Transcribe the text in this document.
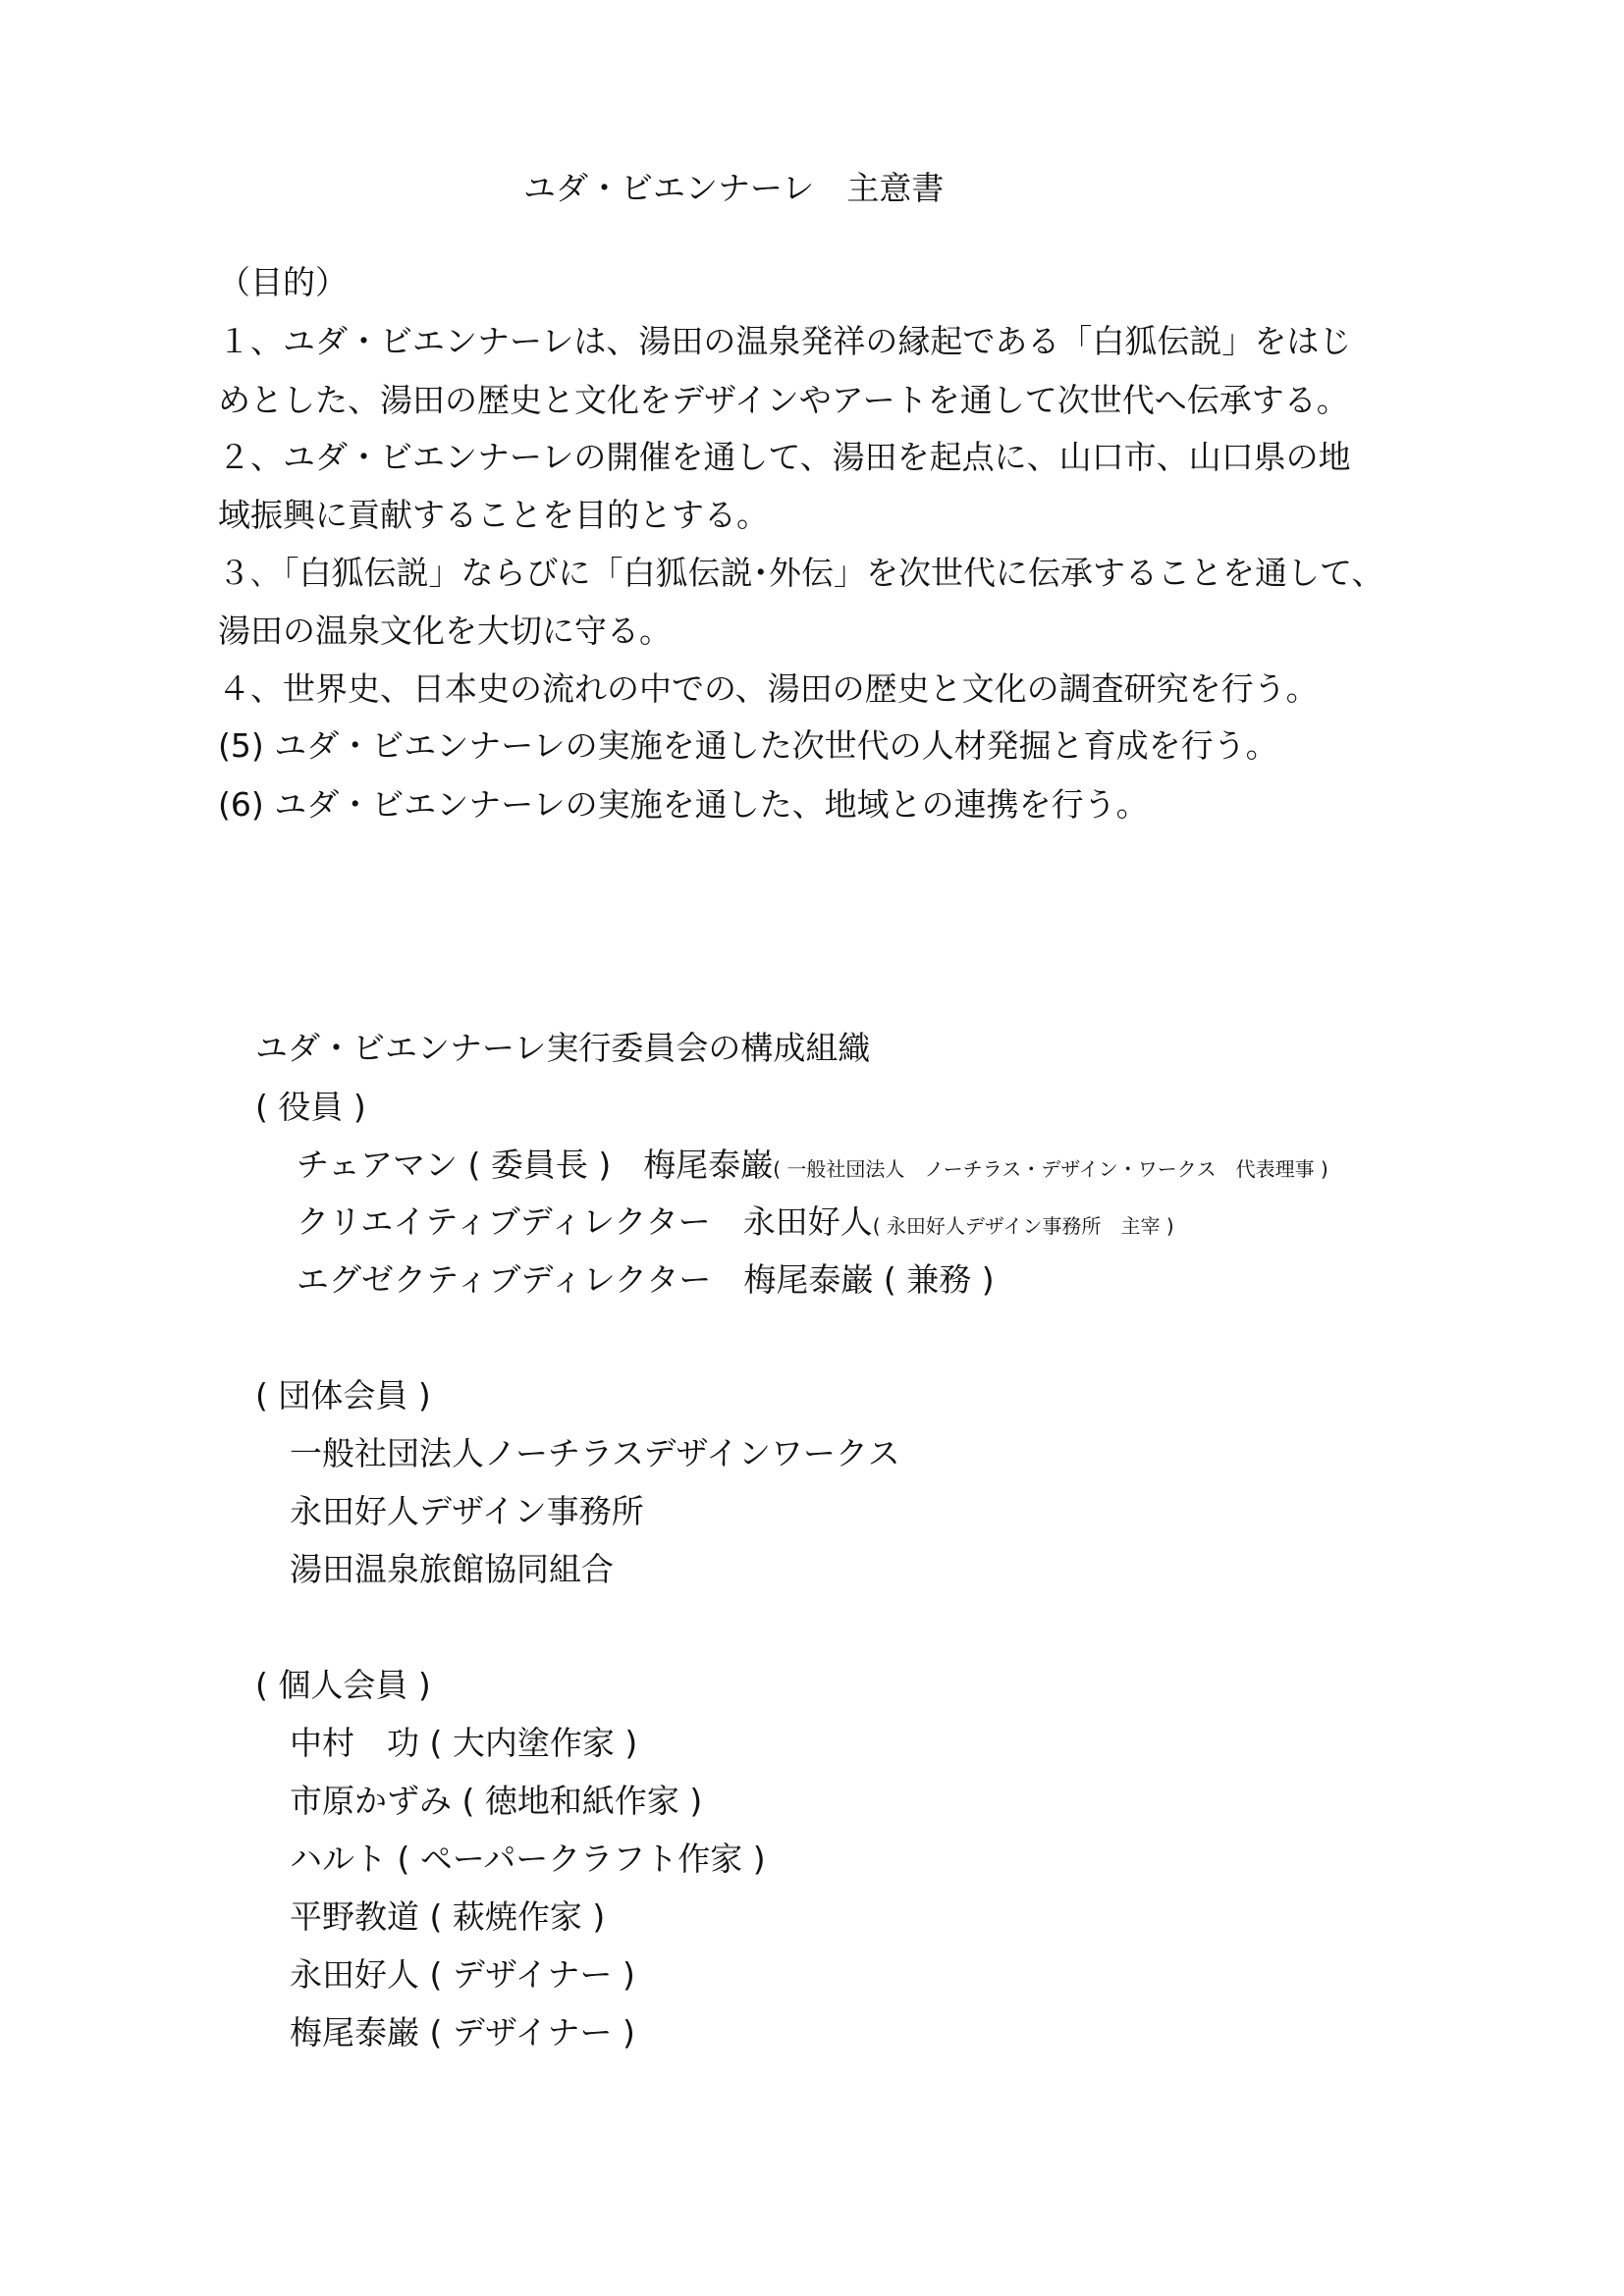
ユダ・ビエンナーレ　主意書
（目的）
１、ユダ・ビエンナーレは、湯田の温泉発祥の縁起である「白狐伝説」をはじ
めとした、湯田の歴史と文化をデザインやアートを通して次世代へ伝承する。
２、ユダ・ビエンナーレの開催を通して、湯田を起点に、山口市、山口県の地
域振興に貢献することを目的とする。
３､「白狐伝説」ならびに「白狐伝説･外伝」を次世代に伝承することを通して、
湯田の温泉文化を大切に守る。
４、世界史、日本史の流れの中での、湯田の歴史と文化の調査研究を行う。
(5) ユダ・ビエンナーレの実施を通した次世代の人材発掘と育成を行う。
(6) ユダ・ビエンナーレの実施を通した、地域との連携を行う。
ユダ・ビエンナーレ実行委員会の構成組織
( 役員 )
チェアマン ( 委員長 )　梅尾泰巌( 一般社団法人　ノーチラス・デザイン・ワークス　代表理事 )
クリエイティブディレクター　永田好人( 永田好人デザイン事務所　主宰 )
エグゼクティブディレクター　梅尾泰巌 ( 兼務 )
( 団体会員 )
一般社団法人ノーチラスデザインワークス
永田好人デザイン事務所
湯田温泉旅館協同組合
( 個人会員 )
中村　功 ( 大内塗作家 )
市原かずみ ( 徳地和紙作家 )
ハルト ( ペーパークラフト作家 )
平野教道 ( 萩焼作家 )
永田好人 ( デザイナー )
梅尾泰巌 ( デザイナー )
